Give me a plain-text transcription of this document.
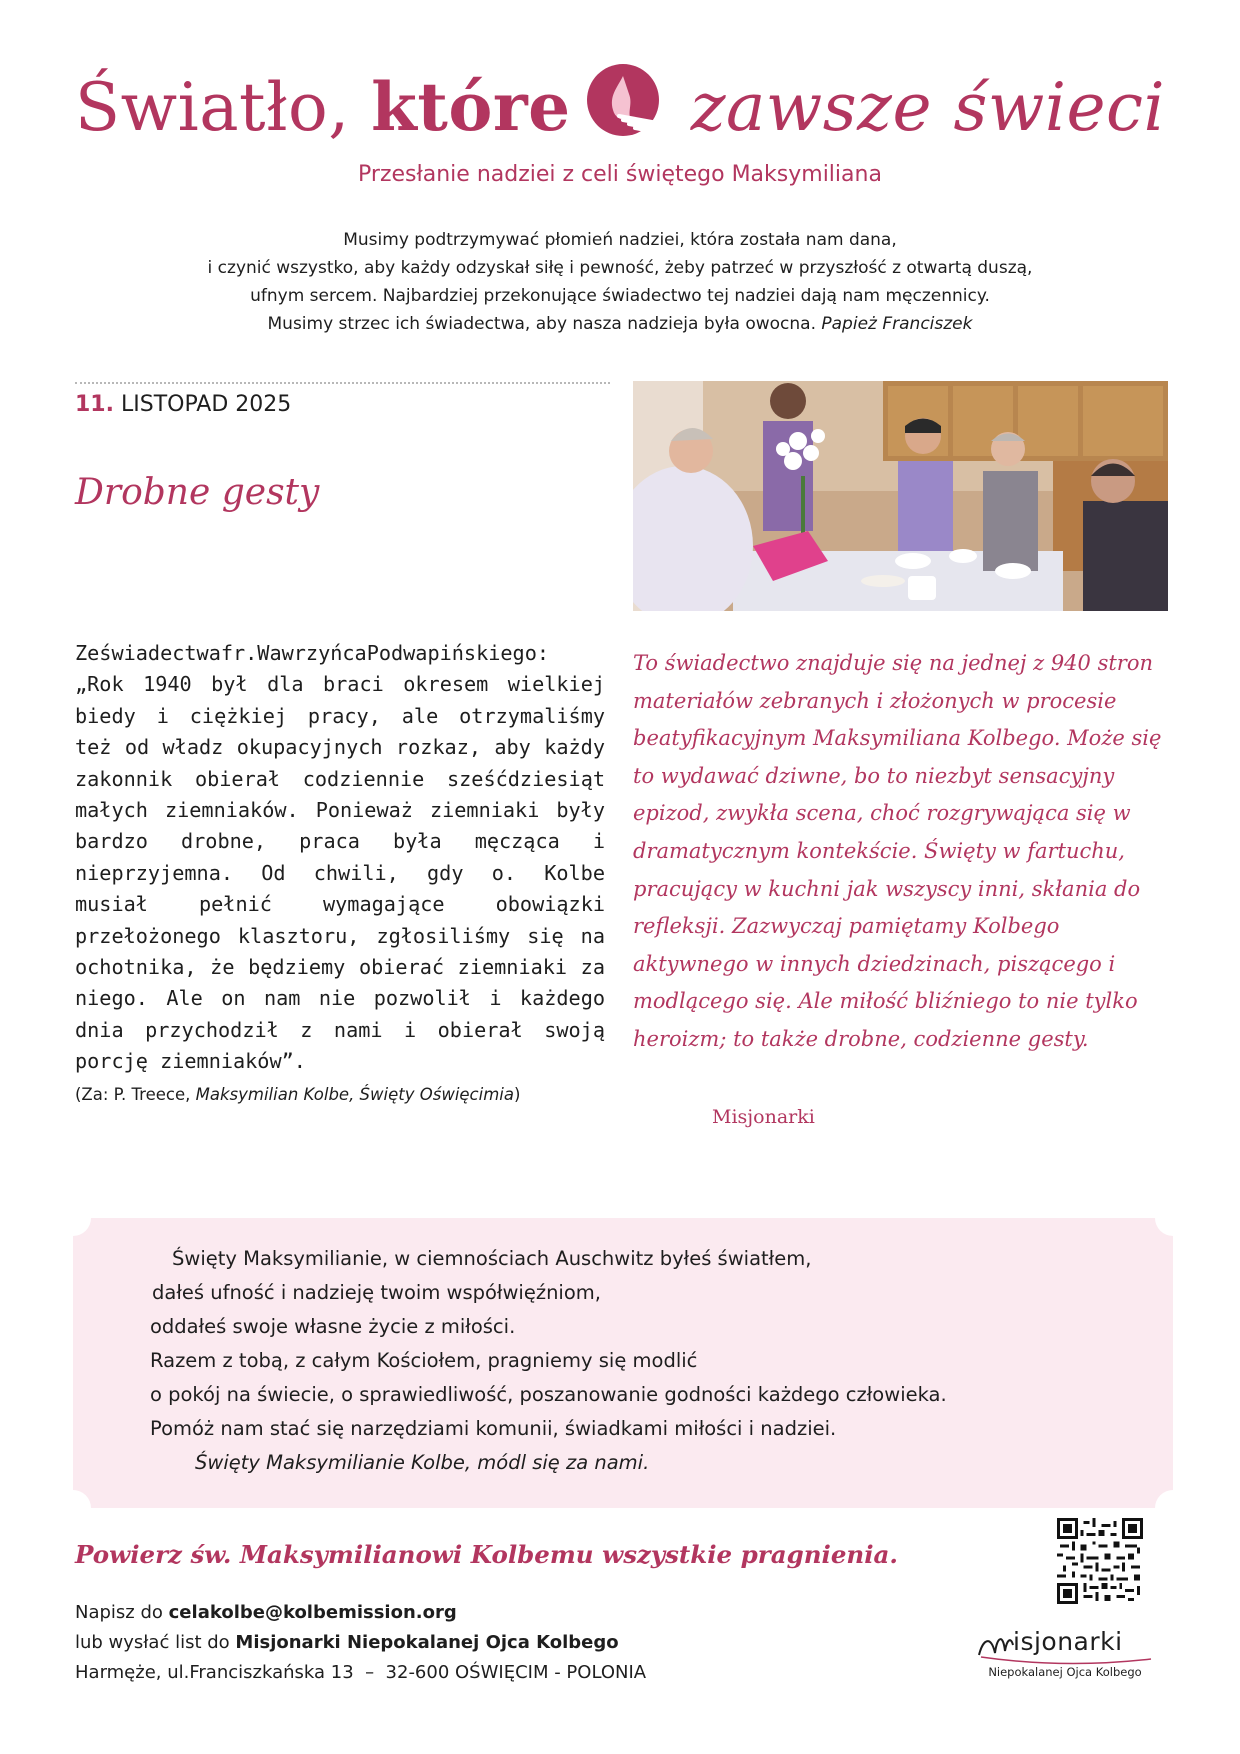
Światło, które zawsze świeci
Przesłanie nadziei z celi świętego Maksymiliana
Musimy podtrzymywać płomień nadziei, która została nam dana,
i czynić wszystko, aby każdy odzyskał siłę i pewność, żeby patrzeć w przyszłość z otwartą duszą,
ufnym sercem. Najbardziej przekonujące świadectwo tej nadziei dają nam męczennicy.
Musimy strzec ich świadectwa, aby nasza nadzieja była owocna. Papież Franciszek
11. LISTOPAD 2025
Drobne gesty
Zeświadectwafr.WawrzyńcaPodwapińskiego: „Rok 1940 był dla braci okresem wielkiej biedy i ciężkiej pracy, ale otrzymaliśmy też od władz okupacyjnych rozkaz, aby każdy zakonnik obierał codziennie sześćdziesiąt małych ziemniaków. Ponieważ ziemniaki były bardzo drobne, praca była męcząca i nieprzyjemna. Od chwili, gdy o. Kolbe musiał pełnić wymagające obowiązki przełożonego klasztoru, zgłosiliśmy się na ochotnika, że będziemy obierać ziemniaki za niego. Ale on nam nie pozwolił i każdego dnia przychodził z nami i obierał swoją porcję ziemniaków”.
(Za: P. Treece, Maksymilian Kolbe, Święty Oświęcimia)
To świadectwo znajduje się na jednej z 940 stron materiałów zebranych i złożonych w procesie beatyfikacyjnym Maksymiliana Kolbego. Może się to wydawać dziwne, bo to niezbyt sensacyjny epizod, zwykła scena, choć rozgrywająca się w dramatycznym kontekście. Święty w fartuchu, pracujący w kuchni jak wszyscy inni, skłania do refleksji. Zazwyczaj pamiętamy Kolbego aktywnego w innych dziedzinach, piszącego i modlącego się. Ale miłość bliźniego to nie tylko heroizm; to także drobne, codzienne gesty.
Misjonarki
Święty Maksymilianie, w ciemnościach Auschwitz byłeś światłem,
dałeś ufność i nadzieję twoim współwięźniom,
oddałeś swoje własne życie z miłości.
Razem z tobą, z całym Kościołem, pragniemy się modlić
o pokój na świecie, o sprawiedliwość, poszanowanie godności każdego człowieka.
Pomóż nam stać się narzędziami komunii, świadkami miłości i nadziei.
Święty Maksymilianie Kolbe, módl się za nami.
Powierz św. Maksymilianowi Kolbemu wszystkie pragnienia.
Napisz do celakolbe@kolbemission.org
lub wysłać list do Misjonarki Niepokalanej Ojca Kolbego
Harmęże, ul.Franciszkańska 13  –  32-600 OŚWIĘCIM - POLONIA
isjonarki
Niepokalanej Ojca Kolbego
